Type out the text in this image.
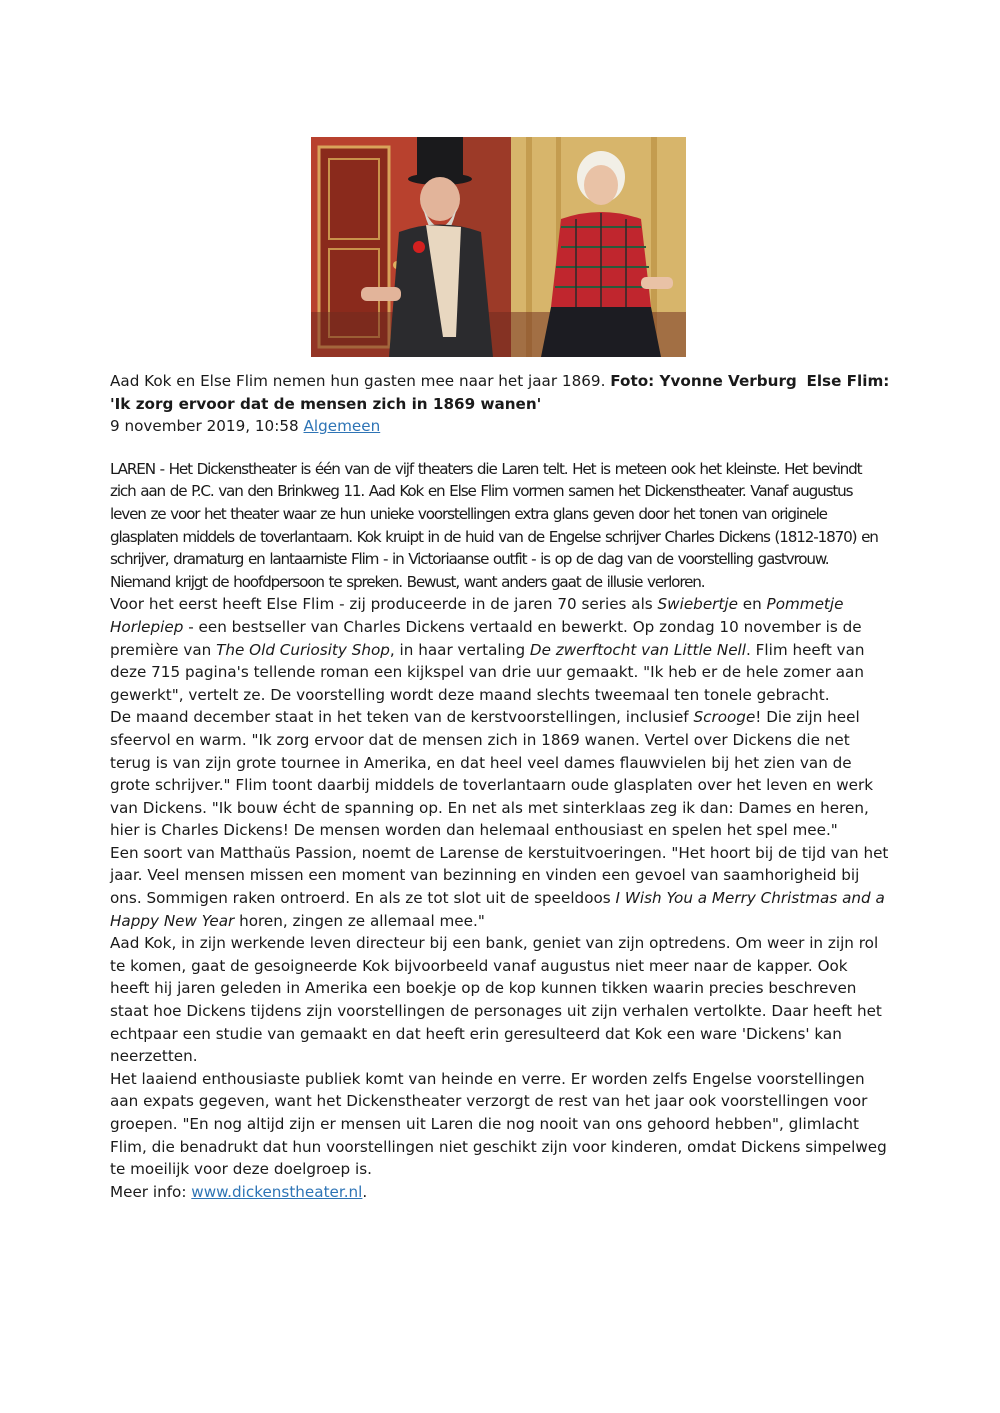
Aad Kok en Else Flim nemen hun gasten mee naar het jaar 1869. Foto: Yvonne Verburg Else Flim: 'Ik zorg ervoor dat de mensen zich in 1869 wanen'

9 november 2019, 10:58 Algemeen

LAREN - Het Dickenstheater is één van de vijf theaters die Laren telt. Het is meteen ook het kleinste. Het bevindt zich aan de P.C. van den Brinkweg 11. Aad Kok en Else Flim vormen samen het Dickenstheater. Vanaf augustus leven ze voor het theater waar ze hun unieke voorstellingen extra glans geven door het tonen van originele glasplaten middels de toverlantaarn. Kok kruipt in de huid van de Engelse schrijver Charles Dickens (1812-1870) en schrijver, dramaturg en lantaarniste Flim - in Victoriaanse outfit - is op de dag van de voorstelling gastvrouw. Niemand krijgt de hoofdpersoon te spreken. Bewust, want anders gaat de illusie verloren.

Voor het eerst heeft Else Flim - zij produceerde in de jaren 70 series als Swiebertje en Pommetje Horlepiep - een bestseller van Charles Dickens vertaald en bewerkt. Op zondag 10 november is de première van The Old Curiosity Shop, in haar vertaling De zwerftocht van Little Nell. Flim heeft van deze 715 pagina's tellende roman een kijkspel van drie uur gemaakt. "Ik heb er de hele zomer aan gewerkt", vertelt ze. De voorstelling wordt deze maand slechts tweemaal ten tonele gebracht.

De maand december staat in het teken van de kerstvoorstellingen, inclusief Scrooge! Die zijn heel sfeervol en warm. "Ik zorg ervoor dat de mensen zich in 1869 wanen. Vertel over Dickens die net terug is van zijn grote tournee in Amerika, en dat heel veel dames flauwvielen bij het zien van de grote schrijver." Flim toont daarbij middels de toverlantaarn oude glasplaten over het leven en werk van Dickens. "Ik bouw écht de spanning op. En net als met sinterklaas zeg ik dan: Dames en heren, hier is Charles Dickens! De mensen worden dan helemaal enthousiast en spelen het spel mee."

Een soort van Matthaüs Passion, noemt de Larense de kerstuitvoeringen. "Het hoort bij de tijd van het jaar. Veel mensen missen een moment van bezinning en vinden een gevoel van saamhorigheid bij ons. Sommigen raken ontroerd. En als ze tot slot uit de speeldoos I Wish You a Merry Christmas and a Happy New Year horen, zingen ze allemaal mee."

Aad Kok, in zijn werkende leven directeur bij een bank, geniet van zijn optredens. Om weer in zijn rol te komen, gaat de gesoigneerde Kok bijvoorbeeld vanaf augustus niet meer naar de kapper. Ook heeft hij jaren geleden in Amerika een boekje op de kop kunnen tikken waarin precies beschreven staat hoe Dickens tijdens zijn voorstellingen de personages uit zijn verhalen vertolkte. Daar heeft het echtpaar een studie van gemaakt en dat heeft erin geresulteerd dat Kok een ware 'Dickens' kan neerzetten.

Het laaiend enthousiaste publiek komt van heinde en verre. Er worden zelfs Engelse voorstellingen aan expats gegeven, want het Dickenstheater verzorgt de rest van het jaar ook voorstellingen voor groepen. "En nog altijd zijn er mensen uit Laren die nog nooit van ons gehoord hebben", glimlacht Flim, die benadrukt dat hun voorstellingen niet geschikt zijn voor kinderen, omdat Dickens simpelweg te moeilijk voor deze doelgroep is.

Meer info: www.dickenstheater.nl.
